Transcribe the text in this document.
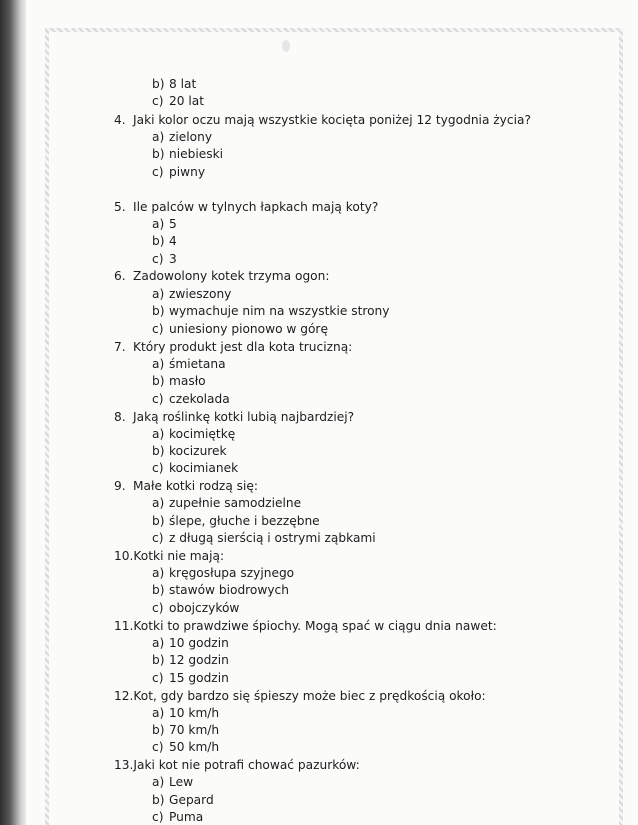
b) 8 lat
c) 20 lat
4. Jaki kolor oczu mają wszystkie kocięta poniżej 12 tygodnia życia?
a) zielony
b) niebieski
c) piwny
5. Ile palców w tylnych łapkach mają koty?
a) 5
b) 4
c) 3
6. Zadowolony kotek trzyma ogon:
a) zwieszony
b) wymachuje nim na wszystkie strony
c) uniesiony pionowo w górę
7. Który produkt jest dla kota trucizną:
a) śmietana
b) masło
c) czekolada
8. Jaką roślinkę kotki lubią najbardziej?
a) kocimiętkę
b) kocizurek
c) kocimianek
9. Małe kotki rodzą się:
a) zupełnie samodzielne
b) ślepe, głuche i bezzębne
c) z długą sierścią i ostrymi ząbkami
10.Kotki nie mają:
a) kręgosłupa szyjnego
b) stawów biodrowych
c) obojczyków
11.Kotki to prawdziwe śpiochy. Mogą spać w ciągu dnia nawet:
a) 10 godzin
b) 12 godzin
c) 15 godzin
12.Kot, gdy bardzo się śpieszy może biec z prędkością około:
a) 10 km/h
b) 70 km/h
c) 50 km/h
13.Jaki kot nie potrafi chować pazurków:
a) Lew
b) Gepard
c) Puma
